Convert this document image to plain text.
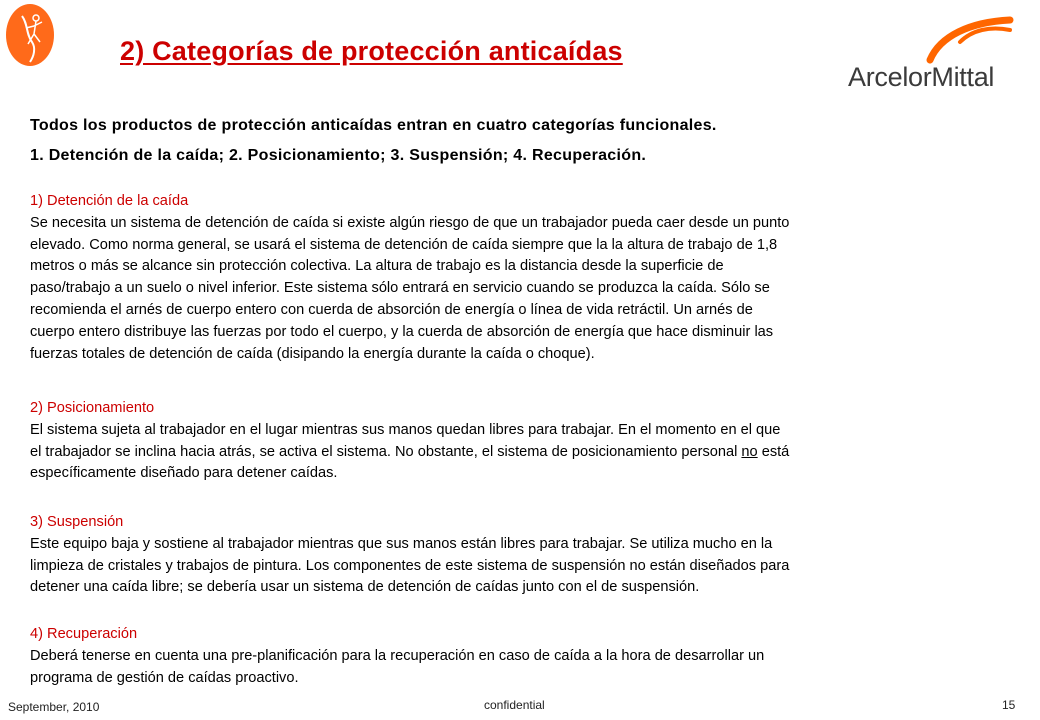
2) Categorías de protección anticaídas
ArcelorMittal
Todos los productos de protección anticaídas entran en cuatro categorías funcionales.
1. Detención de la caída; 2. Posicionamiento; 3. Suspensión; 4. Recuperación.
1) Detención de la caída
Se necesita un sistema de detención de caída si existe algún riesgo de que un trabajador pueda caer desde un punto
elevado. Como norma general, se usará el sistema de detención de caída siempre que la la altura de trabajo de 1,8
metros o más se alcance sin protección colectiva. La altura de trabajo es la distancia desde la superficie de
paso/trabajo a un suelo o nivel inferior. Este sistema sólo entrará en servicio cuando se produzca la caída. Sólo se
recomienda el arnés de cuerpo entero con cuerda de absorción de energía o línea de vida retráctil. Un arnés de
cuerpo entero distribuye las fuerzas por todo el cuerpo, y la cuerda de absorción de energía que hace disminuir las
fuerzas totales de detención de caída (disipando la energía durante la caída o choque).
2) Posicionamiento
El sistema sujeta al trabajador en el lugar mientras sus manos quedan libres para trabajar. En el momento en el que
el trabajador se inclina hacia atrás, se activa el sistema. No obstante, el sistema de posicionamiento personal no está
específicamente diseñado para detener caídas.
3) Suspensión
Este equipo baja y sostiene al trabajador mientras que sus manos están libres para trabajar. Se utiliza mucho en la
limpieza de cristales y trabajos de pintura. Los componentes de este sistema de suspensión no están diseñados para
detener una caída libre; se debería usar un sistema de detención de caídas junto con el de suspensión.
4) Recuperación
Deberá tenerse en cuenta una pre-planificación para la recuperación en caso de caída a la hora de desarrollar un
programa de gestión de caídas proactivo.
September, 2010	confidential	15
